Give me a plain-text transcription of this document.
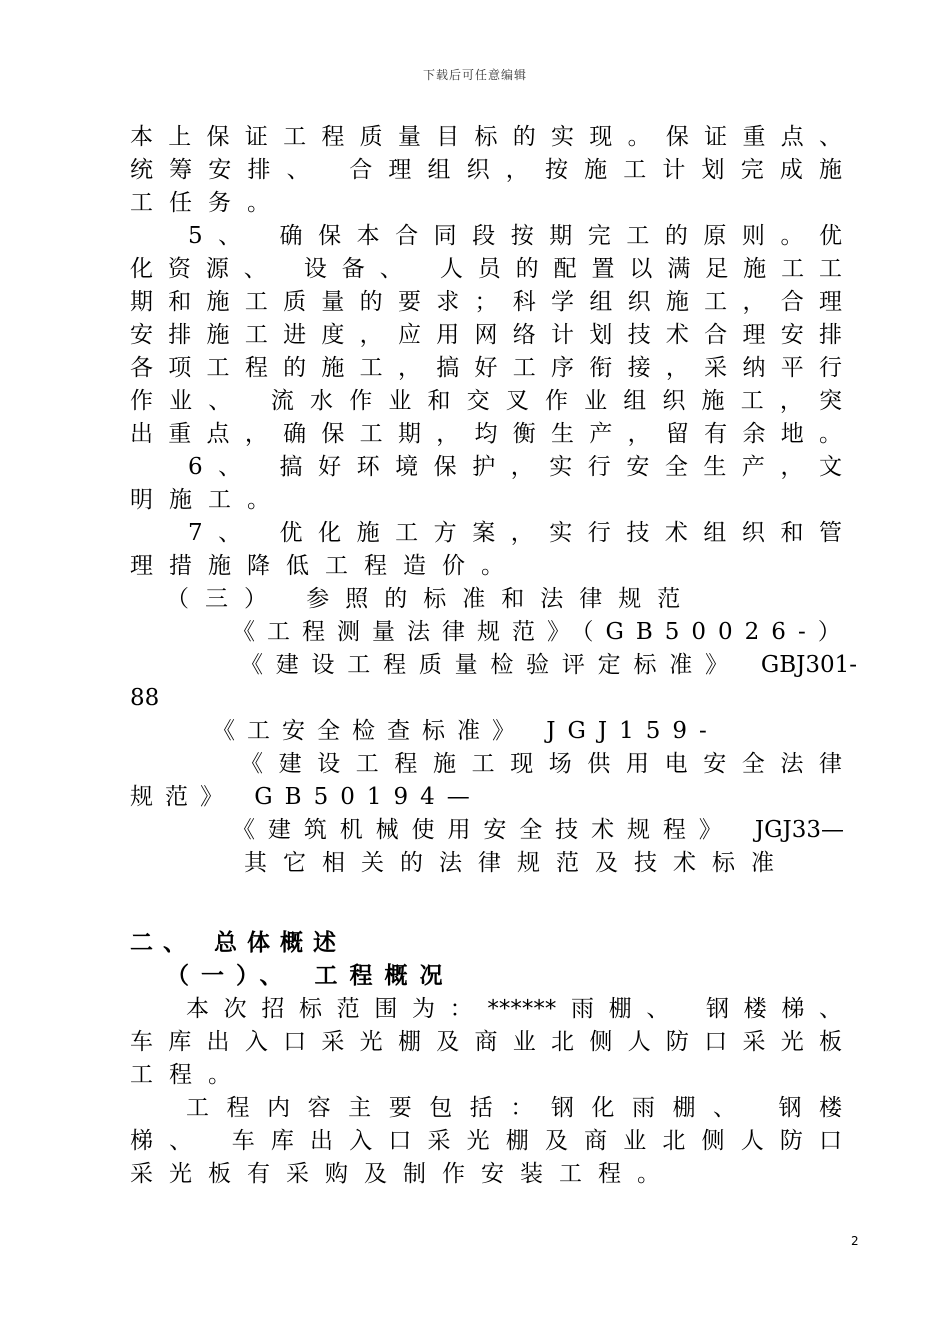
下载后可任意编辑

本上保证工程质量目标的实现。保证重点、

统筹安排、 合理组织，按施工计划完成施

工任务。

5、 确保本合同段按期完工的原则。优

化资源、 设备、 人员的配置以满足施工工

期和施工质量的要求；科学组织施工，合理

安排施工进度，应用网络计划技术合理安排

各项工程的施工，搞好工序衔接，采纳平行

作业、 流水作业和交叉作业组织施工，突

出重点，确保工期，均衡生产，留有余地。

6、 搞好环境保护，实行安全生产，文

明施工。

7、 优化施工方案，实行技术组织和管

理措施降低工程造价。

（三） 参照的标准和法律规范

《工程测量法律规范》（GB50026-）

《建设工程质量检验评定标准》 GBJ301-

88

《工安全检查标准》 JGJ159-

《建设工程施工现场供用电安全法律

规范》 GB50194—

《建筑机械使用安全技术规程》 JGJ33—

其它相关的法律规范及技术标准

二、 总体概述

（一）、 工程概况

本次招标范围为：******雨棚、 钢楼梯、

车库出入口采光棚及商业北侧人防口采光板

工程。

工程内容主要包括：钢化雨棚、 钢楼

梯、 车库出入口采光棚及商业北侧人防口

采光板有采购及制作安装工程。

2
